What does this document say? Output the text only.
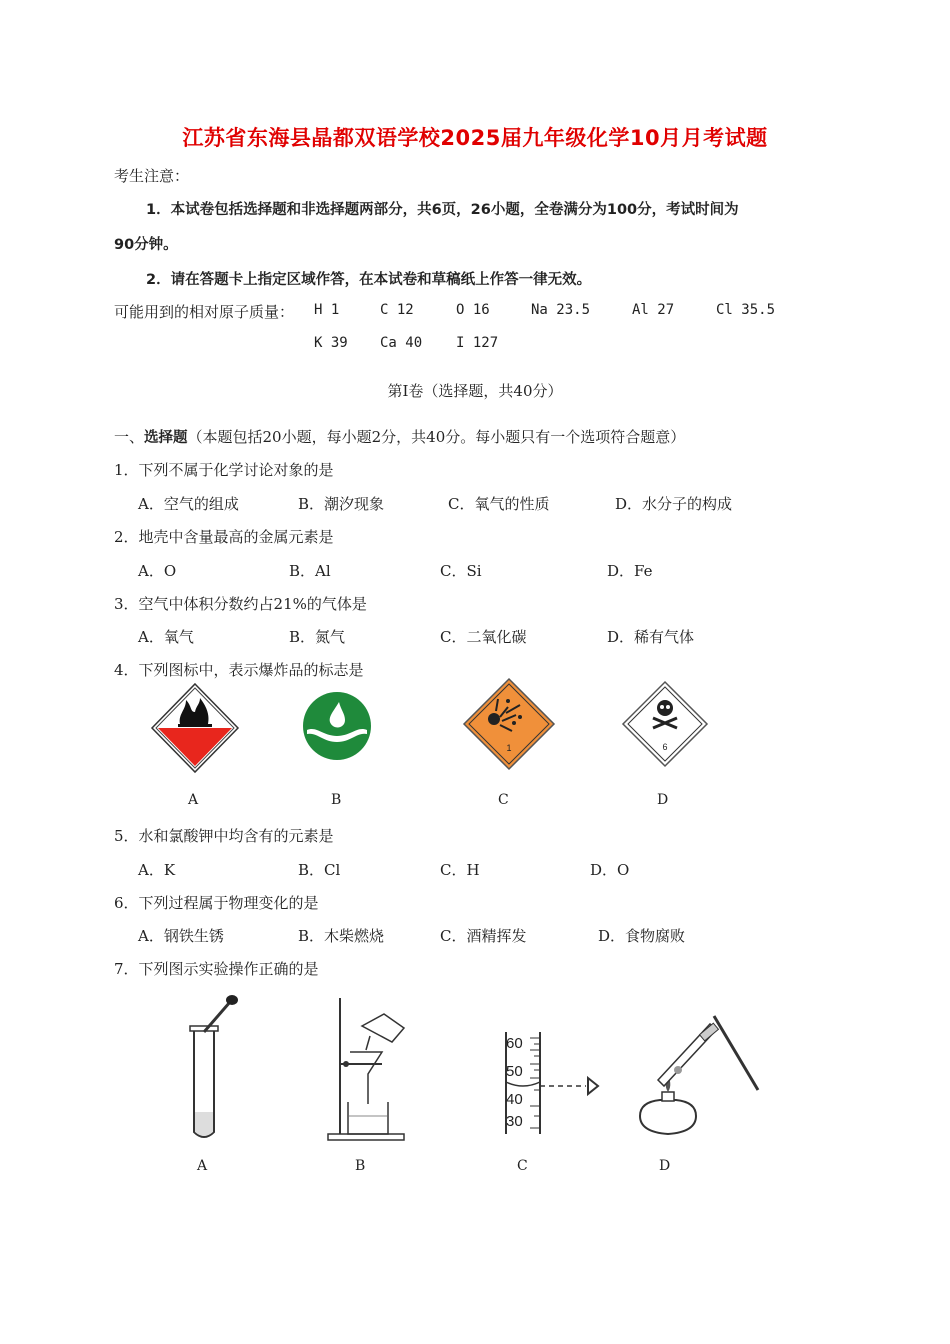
江苏省东海县晶都双语学校2025届九年级化学10月月考试题
考生注意：
1．本试卷包括选择题和非选择题两部分，共6页，26小题，全卷满分为100分，考试时间为
90分钟。
2．请在答题卡上指定区域作答，在本试卷和草稿纸上作答一律无效。
可能用到的相对原子质量： H 1	C 12	O 16	Na 23.5	Al 27	Cl 35.5
K 39 Ca 40 I 127
第Ⅰ卷（选择题，共40分）
一、选择题（本题包括20小题，每小题2分，共40分。每小题只有一个选项符合题意）
1．下列不属于化学讨论对象的是
A．空气的组成	B．潮汐现象	C．氧气的性质	D．水分子的构成
2．地壳中含量最高的金属元素是
A．O	B．Al	C．Si	D．Fe
3．空气中体积分数约占21%的气体是
A．氧气	B．氮气	C．二氧化碳	D．稀有气体
4．下列图标中，表示爆炸品的标志是
1	6
A	B	C	D
5．水和氯酸钾中均含有的元素是
A．K	B．Cl	C．H	D．O
6．下列过程属于物理变化的是
A．钢铁生锈	B．木柴燃烧	C．酒精挥发	D．食物腐败
7．下列图示实验操作正确的是
60
50
40
30
A	B	C	D
